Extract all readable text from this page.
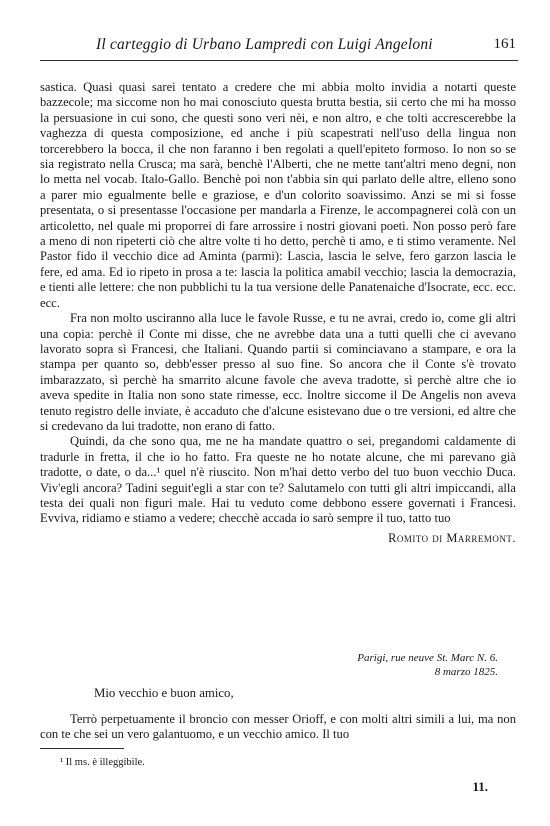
Il carteggio di Urbano Lampredi con Luigi Angeloni	161

sastica. Quasi quasi sarei tentato a credere che mi abbia molto invidia a notarti queste bazzecole; ma siccome non ho mai conosciuto questa brutta bestia, sii certo che mi ha mosso la persuasione in cui sono, che questi sono veri nèi, e non altro, e che tolti accrescerebbe la vaghezza di questa composizione, ed anche i più scapestrati nell'uso della lingua non torcerebbero la bocca, il che non faranno i ben regolati a quell'epiteto formoso. Io non so se sia registrato nella Crusca; ma sarà, benchè l'Alberti, che ne mette tant'altri meno degni, non lo metta nel vocab. Italo-Gallo. Benchè poi non t'abbia sin qui parlato delle altre, elleno sono a parer mio egualmente belle e graziose, e d'un colorito soavissimo. Anzi se mi si fosse presentata, o si presentasse l'occasione per mandarla a Firenze, le accompagnerei colà con un articoletto, nel quale mi proporrei di fare arrossire i nostri giovani poeti. Non posso però fare a meno di non ripeterti ciò che altre volte ti ho detto, perchè ti amo, e ti stimo veramente. Nel Pastor fido il vecchio dice ad Aminta (parmi): Lascia, lascia le selve, fero garzon lascia le fere, ed ama. Ed io ripeto in prosa a te: lascia la politica amabil vecchio; lascia la democrazia, e tienti alle lettere: che non pubblichi tu la tua versione delle Panatenaiche d'Isocrate, ecc. ecc. ecc.

Fra non molto usciranno alla luce le favole Russe, e tu ne avrai, credo io, come gli altri una copia: perchè il Conte mi disse, che ne avrebbe data una a tutti quelli che ci avevano lavorato sopra sì Francesi, che Italiani. Quando partii si cominciavano a stampare, e ora la stampa per quanto so, debb'esser presso al suo fine. So ancora che il Conte s'è trovato imbarazzato, sì perchè ha smarrito alcune favole che aveva tradotte, sì perchè altre che io aveva spedite in Italia non sono state rimesse, ecc. Inoltre siccome il De Angelis non aveva tenuto registro delle inviate, è accaduto che d'alcune esistevano due o tre versioni, ed altre che si credevano da lui tradotte, non erano di fatto.

Quindi, da che sono qua, me ne ha mandate quattro o sei, pregandomi caldamente di tradurle in fretta, il che io ho fatto. Fra queste ne ho notate alcune, che mi parevano già tradotte, o date, o da...¹ quel n'è riuscito. Non m'hai detto verbo del tuo buon vecchio Duca. Viv'egli ancora? Tadini seguit'egli a star con te? Salutamelo con tutti gli altri impiccandi, alla testa dei quali non figuri male. Hai tu veduto come debbono essere governati i Francesi. Evviva, ridiamo e stiamo a vedere; checchè accada io sarò sempre il tuo, tatto tuo

Romito di Marremont.
Parigi, rue neuve St. Marc N. 6.
8 marzo 1825.
Mio vecchio e buon amico,
Terrò perpetuamente il broncio con messer Orioff, e con molti altri simili a lui, ma non con te che sei un vero galantuomo, e un vecchio amico. Il tuo
¹ Il ms. è illeggibile.
11.
